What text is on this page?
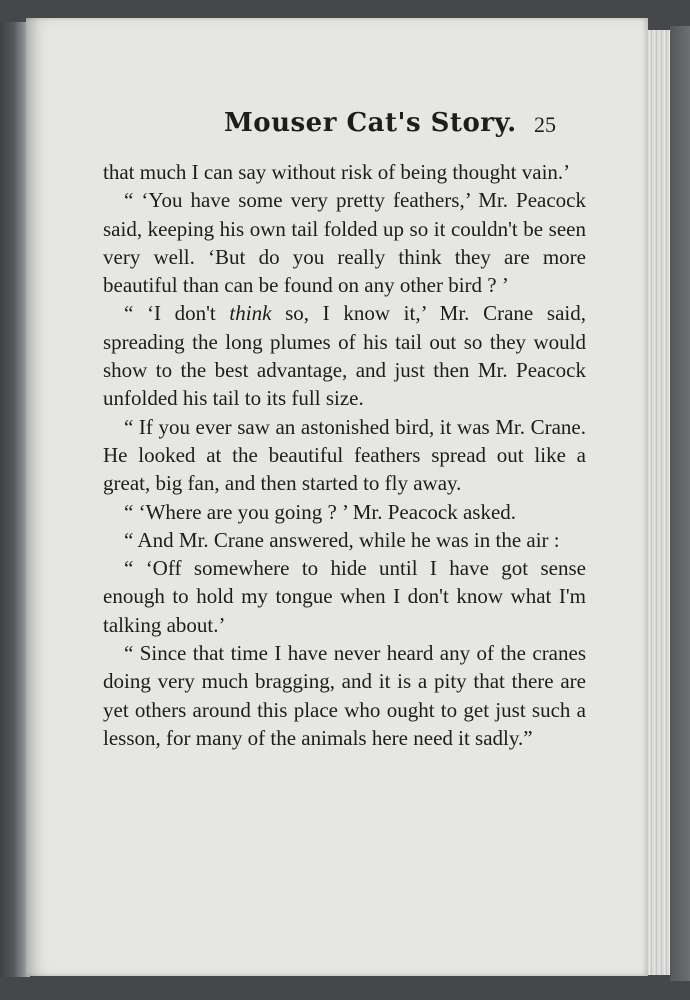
Mouser Cat's Story. 25

that much I can say without risk of being thought vain.’

“ ‘You have some very pretty feathers,’ Mr. Peacock said, keeping his own tail folded up so it couldn't be seen very well. ‘But do you really think they are more beautiful than can be found on any other bird ? ’

“ ‘I don't think so, I know it,’ Mr. Crane said, spreading the long plumes of his tail out so they would show to the best advantage, and just then Mr. Peacock unfolded his tail to its full size.

“ If you ever saw an astonished bird, it was Mr. Crane. He looked at the beautiful feathers spread out like a great, big fan, and then started to fly away.

“ ‘Where are you going ? ’ Mr. Peacock asked.

“ And Mr. Crane answered, while he was in the air :

“ ‘Off somewhere to hide until I have got sense enough to hold my tongue when I don't know what I'm talking about.’

“ Since that time I have never heard any of the cranes doing very much bragging, and it is a pity that there are yet others around this place who ought to get just such a lesson, for many of the animals here need it sadly.”
